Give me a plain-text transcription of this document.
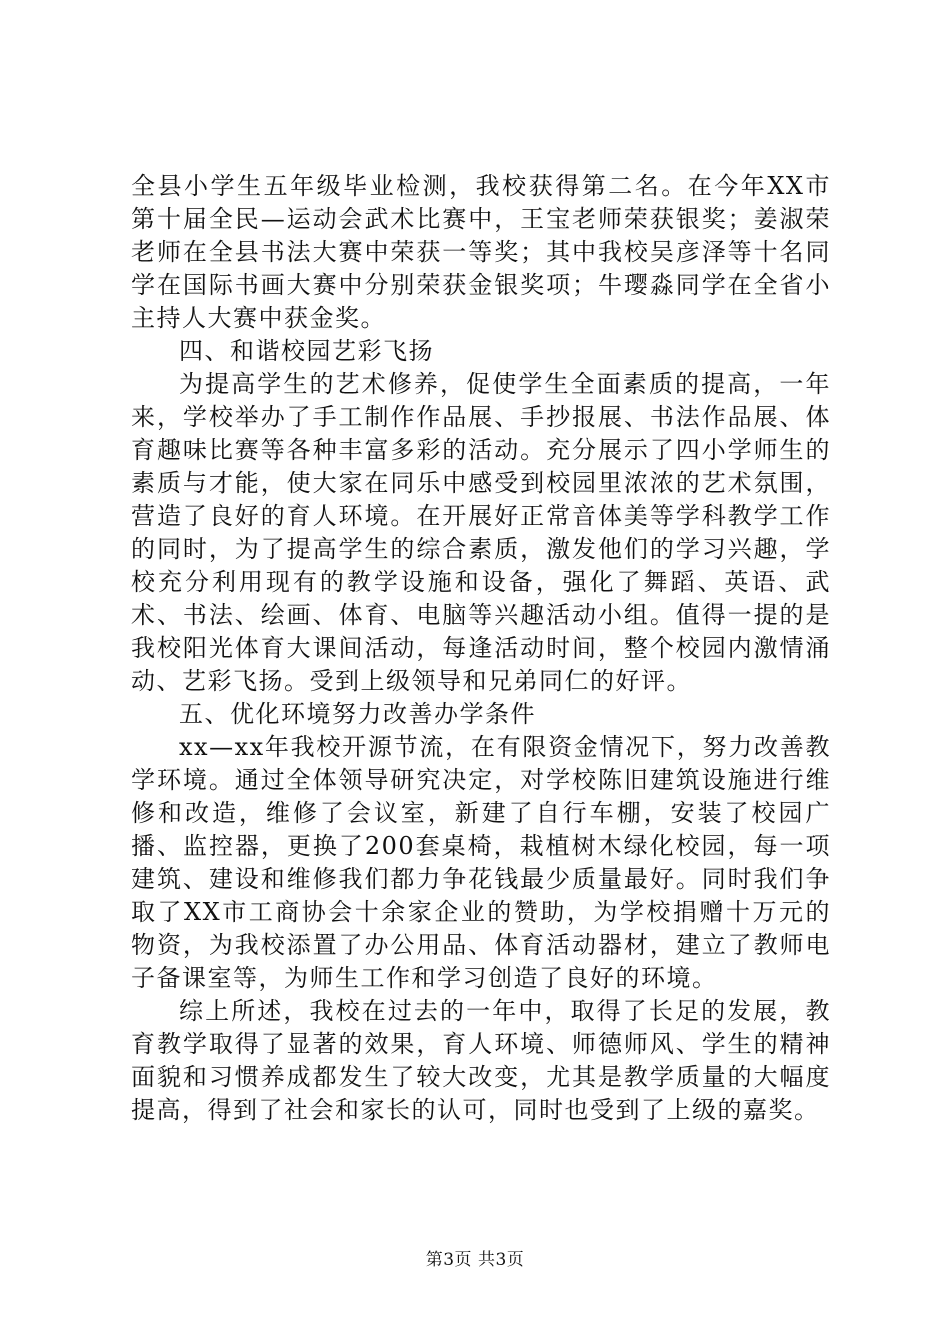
全县小学生五年级毕业检测，我校获得第二名。在今年XX市第十届全民—运动会武术比赛中，王宝老师荣获银奖；姜淑荣老师在全县书法大赛中荣获一等奖；其中我校吴彦泽等十名同学在国际书画大赛中分别荣获金银奖项；牛璎淼同学在全省小主持人大赛中获金奖。

四、和谐校园艺彩飞扬

为提高学生的艺术修养，促使学生全面素质的提高，一年来，学校举办了手工制作作品展、手抄报展、书法作品展、体育趣味比赛等各种丰富多彩的活动。充分展示了四小学师生的素质与才能，使大家在同乐中感受到校园里浓浓的艺术氛围，营造了良好的育人环境。在开展好正常音体美等学科教学工作的同时，为了提高学生的综合素质，激发他们的学习兴趣，学校充分利用现有的教学设施和设备，强化了舞蹈、英语、武术、书法、绘画、体育、电脑等兴趣活动小组。值得一提的是我校阳光体育大课间活动，每逢活动时间，整个校园内激情涌动、艺彩飞扬。受到上级领导和兄弟同仁的好评。

五、优化环境努力改善办学条件

xx—xx年我校开源节流，在有限资金情况下，努力改善教学环境。通过全体领导研究决定，对学校陈旧建筑设施进行维修和改造，维修了会议室，新建了自行车棚，安装了校园广播、监控器，更换了200套桌椅，栽植树木绿化校园，每一项建筑、建设和维修我们都力争花钱最少质量最好。同时我们争取了XX市工商协会十余家企业的赞助，为学校捐赠十万元的物资，为我校添置了办公用品、体育活动器材，建立了教师电子备课室等，为师生工作和学习创造了良好的环境。

综上所述，我校在过去的一年中，取得了长足的发展，教育教学取得了显著的效果，育人环境、师德师风、学生的精神面貌和习惯养成都发生了较大改变，尤其是教学质量的大幅度提高，得到了社会和家长的认可，同时也受到了上级的嘉奖。

第3页 共3页
